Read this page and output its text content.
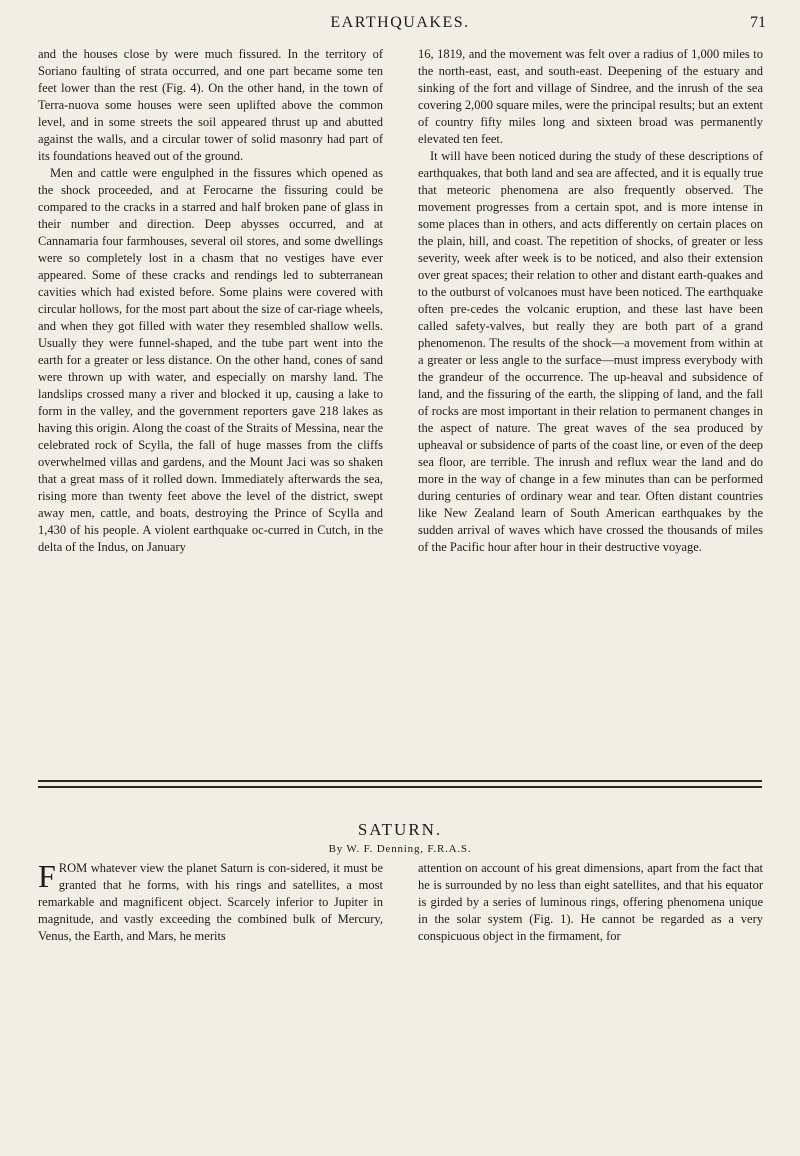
EARTHQUAKES.	71

and the houses close by were much fissured. In the territory of Soriano faulting of strata occurred, and one part became some ten feet lower than the rest (Fig. 4). On the other hand, in the town of Terra-nuova some houses were seen uplifted above the common level, and in some streets the soil appeared thrust up and abutted against the walls, and a circular tower of solid masonry had part of its foundations heaved out of the ground.

Men and cattle were engulphed in the fissures which opened as the shock proceeded, and at Ferocarne the fissuring could be compared to the cracks in a starred and half broken pane of glass in their number and direction. Deep abysses occurred, and at Cannamaria four farmhouses, several oil stores, and some dwellings were so completely lost in a chasm that no vestiges have ever appeared. Some of these cracks and rendings led to subterranean cavities which had existed before. Some plains were covered with circular hollows, for the most part about the size of car-riage wheels, and when they got filled with water they resembled shallow wells. Usually they were funnel-shaped, and the tube part went into the earth for a greater or less distance. On the other hand, cones of sand were thrown up with water, and especially on marshy land. The landslips crossed many a river and blocked it up, causing a lake to form in the valley, and the government reporters gave 218 lakes as having this origin. Along the coast of the Straits of Messina, near the celebrated rock of Scylla, the fall of huge masses from the cliffs overwhelmed villas and gardens, and the Mount Jaci was so shaken that a great mass of it rolled down. Immediately afterwards the sea, rising more than twenty feet above the level of the district, swept away men, cattle, and boats, destroying the Prince of Scylla and 1,430 of his people. A violent earthquake oc-curred in Cutch, in the delta of the Indus, on January

16, 1819, and the movement was felt over a radius of 1,000 miles to the north-east, east, and south-east. Deepening of the estuary and sinking of the fort and village of Sindree, and the inrush of the sea covering 2,000 square miles, were the principal results; but an extent of country fifty miles long and sixteen broad was permanently elevated ten feet.

It will have been noticed during the study of these descriptions of earthquakes, that both land and sea are affected, and it is equally true that meteoric phenomena are also frequently observed. The movement progresses from a certain spot, and is more intense in some places than in others, and acts differently on certain places on the plain, hill, and coast. The repetition of shocks, of greater or less severity, week after week is to be noticed, and also their extension over great spaces; their relation to other and distant earth-quakes and to the outburst of volcanoes must have been noticed. The earthquake often pre-cedes the volcanic eruption, and these last have been called safety-valves, but really they are both part of a grand phenomenon. The results of the shock—a movement from within at a greater or less angle to the surface—must impress everybody with the grandeur of the occurrence. The up-heaval and subsidence of land, and the fissuring of the earth, the slipping of land, and the fall of rocks are most important in their relation to permanent changes in the aspect of nature. The great waves of the sea produced by upheaval or subsidence of parts of the coast line, or even of the deep sea floor, are terrible. The inrush and reflux wear the land and do more in the way of change in a few minutes than can be performed during centuries of ordinary wear and tear. Often distant countries like New Zealand learn of South American earthquakes by the sudden arrival of waves which have crossed the thousands of miles of the Pacific hour after hour in their destructive voyage.

SATURN.
By W. F. Denning, F.R.A.S.

FROM whatever view the planet Saturn is con-sidered, it must be granted that he forms, with his rings and satellites, a most remarkable and magnificent object. Scarcely inferior to Jupiter in magnitude, and vastly exceeding the combined bulk of Mercury, Venus, the Earth, and Mars, he merits

attention on account of his great dimensions, apart from the fact that he is surrounded by no less than eight satellites, and that his equator is girded by a series of luminous rings, offering phenomena unique in the solar system (Fig. 1). He cannot be regarded as a very conspicuous object in the firmament, for
